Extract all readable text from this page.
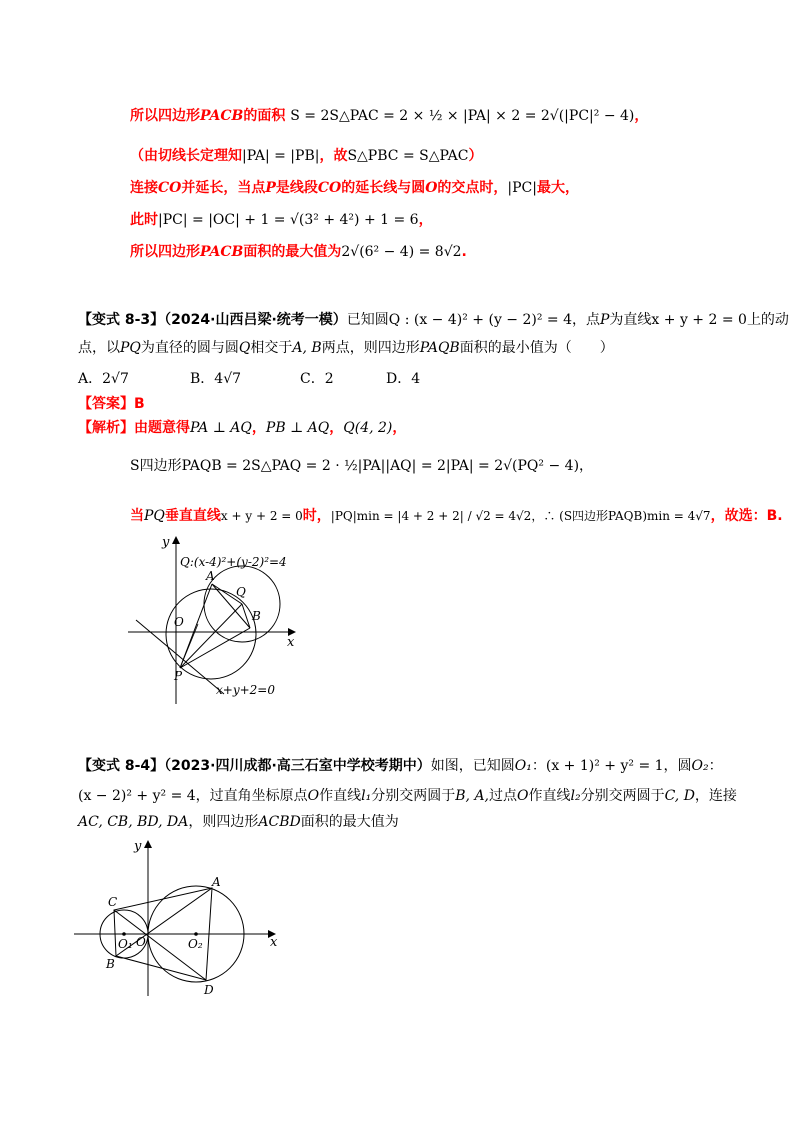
所以四边形PACB的面积 S = 2S△PAC = 2 × ½ × |PA| × 2 = 2√(|PC|² − 4)，
（由切线长定理知|PA| = |PB|，故S△PBC = S△PAC）
连接CO并延长，当点P是线段CO的延长线与圆O的交点时，|PC|最大，
此时|PC| = |OC| + 1 = √(3² + 4²) + 1 = 6，
所以四边形PACB面积的最大值为2√(6² − 4) = 8√2.
【变式 8-3】（2024·山西吕梁·统考一模）已知圆Q : (x − 4)² + (y − 2)² = 4，点P为直线x + y + 2 = 0上的动
点，以PQ为直径的圆与圆Q相交于A, B两点，则四边形PAQB面积的最小值为（　　）
A．2√7	B．4√7	C．2	D．4
【答案】B
【解析】由题意得PA ⊥ AQ，PB ⊥ AQ，Q(4, 2)，
S四边形PAQB = 2S△PAQ = 2 · ½|PA||AQ| = 2|PA| = 2√(PQ² − 4)，
当PQ垂直直线x + y + 2 = 0时，|PQ|min = |4 + 2 + 2| / √2 = 4√2，∴ (S四边形PAQB)min = 4√7，故选：B.
y
x
Q:(x-4)²+(y-2)²=4
A
Q
B
O
P
x+y+2=0
【变式 8-4】（2023·四川成都·高三石室中学校考期中）如图，已知圆O₁：(x + 1)² + y² = 1，圆O₂：
(x − 2)² + y² = 4，过直角坐标原点O作直线l₁分别交两圆于B, A,过点O作直线l₂分别交两圆于C, D，连接
AC, CB, BD, DA，则四边形ACBD面积的最大值为
y
x
A
C
B
D
O₁ O	O₂
